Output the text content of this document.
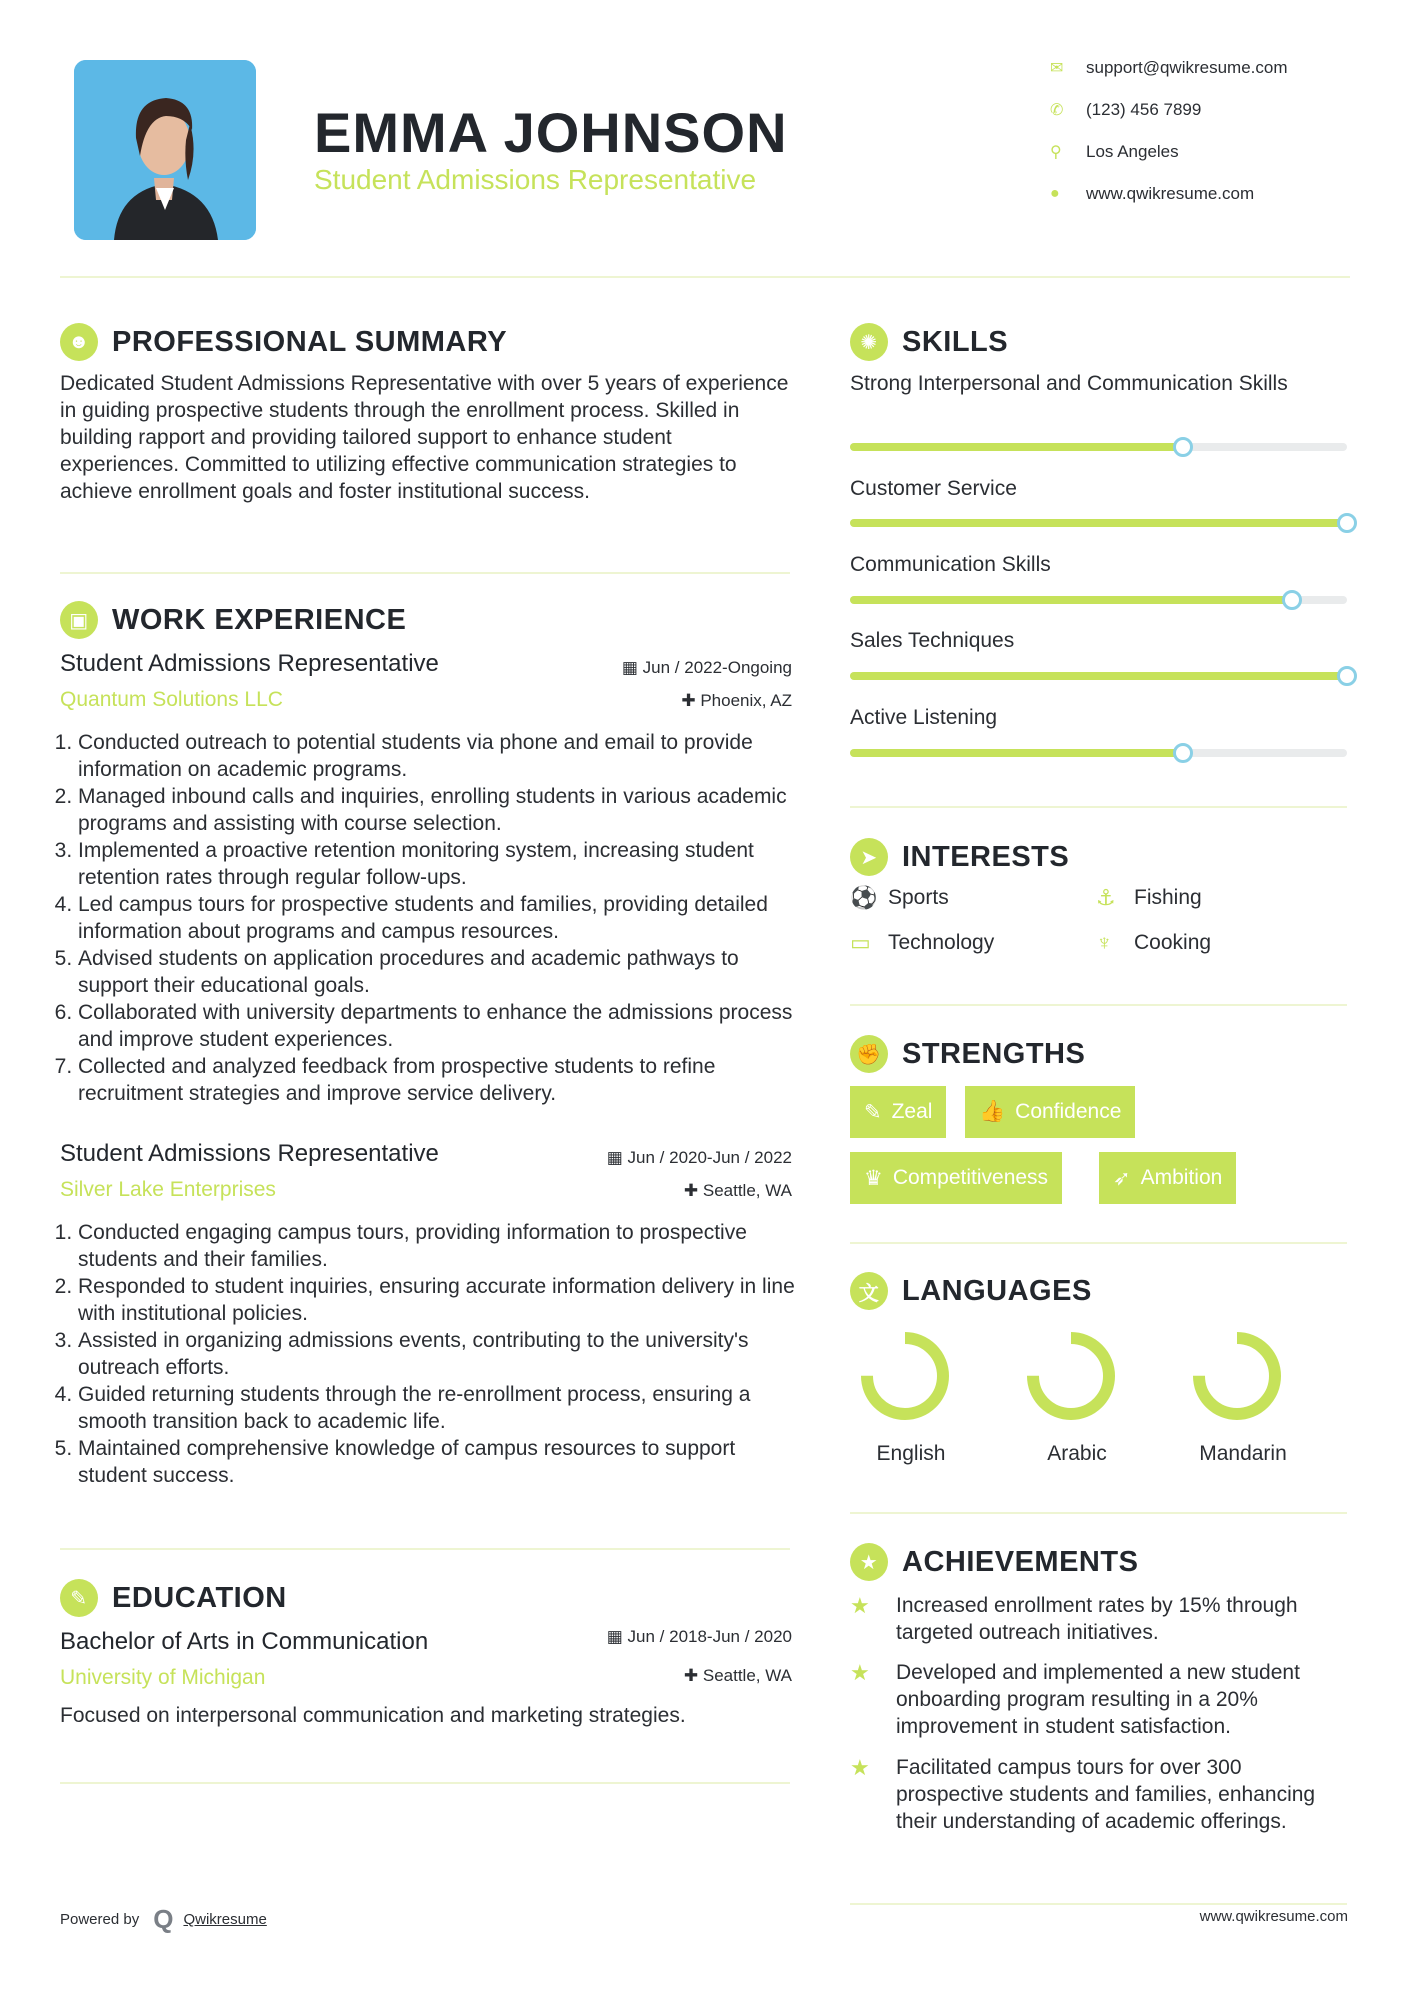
EMMA JOHNSON
Student Admissions Representative
✉	support@qwikresume.com
✆	(123) 456 7899
⚲	Los Angeles
●	www.qwikresume.com
☻ PROFESSIONAL SUMMARY
Dedicated Student Admissions Representative with over 5 years of experience in guiding prospective students through the enrollment process. Skilled in building rapport and providing tailored support to enhance student experiences. Committed to utilizing effective communication strategies to achieve enrollment goals and foster institutional success.
▣ WORK EXPERIENCE
Student Admissions Representative	▦ Jun / 2022-Ongoing
Quantum Solutions LLC	✚ Phoenix, AZ
1. Conducted outreach to potential students via phone and email to provide information on academic programs.
2. Managed inbound calls and inquiries, enrolling students in various academic programs and assisting with course selection.
3. Implemented a proactive retention monitoring system, increasing student retention rates through regular follow-ups.
4. Led campus tours for prospective students and families, providing detailed information about programs and campus resources.
5. Advised students on application procedures and academic pathways to support their educational goals.
6. Collaborated with university departments to enhance the admissions process and improve student experiences.
7. Collected and analyzed feedback from prospective students to refine recruitment strategies and improve service delivery.
Student Admissions Representative	▦ Jun / 2020-Jun / 2022
Silver Lake Enterprises	✚ Seattle, WA
1. Conducted engaging campus tours, providing information to prospective students and their families.
2. Responded to student inquiries, ensuring accurate information delivery in line with institutional policies.
3. Assisted in organizing admissions events, contributing to the university's outreach efforts.
4. Guided returning students through the re-enrollment process, ensuring a smooth transition back to academic life.
5. Maintained comprehensive knowledge of campus resources to support student success.
✎ EDUCATION
Bachelor of Arts in Communication	▦ Jun / 2018-Jun / 2020
University of Michigan	✚ Seattle, WA
Focused on interpersonal communication and marketing strategies.
✺ SKILLS
Strong Interpersonal and Communication Skills
Customer Service
Communication Skills
Sales Techniques
Active Listening
➤ INTERESTS
⚽ Sports	⚓ Fishing
▭ Technology	♆	Cooking
✊ STRENGTHS
✎ Zeal 👍 Confidence
♛ Competitiveness	➶ Ambition
文 LANGUAGES
English	Arabic	Mandarin
★ ACHIEVEMENTS
★	Increased enrollment rates by 15% through targeted outreach initiatives.
★	Developed and implemented a new student onboarding program resulting in a 20% improvement in student satisfaction.
★	Facilitated campus tours for over 300 prospective students and families, enhancing their understanding of academic offerings.
Powered by Q Qwikresume	www.qwikresume.com
